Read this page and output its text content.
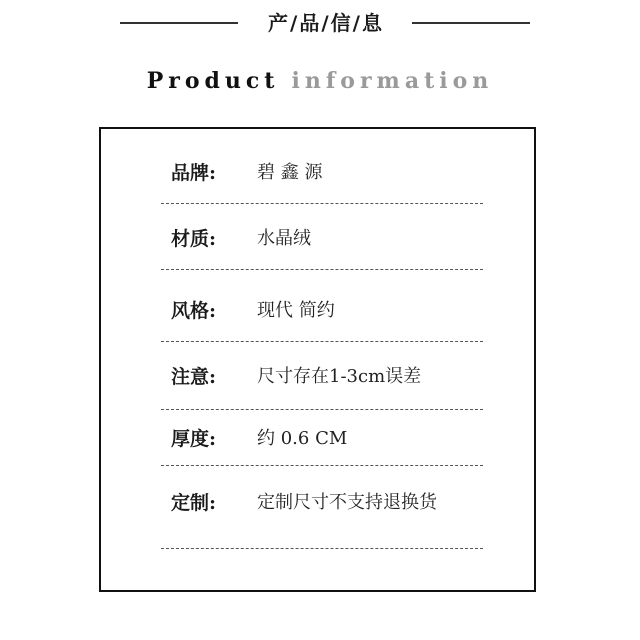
产/品/信/息
Product information
品牌: 碧 鑫 源
材质: 水晶绒
风格: 现代 简约
注意: 尺寸存在1-3cm误差
厚度: 约 0.6 CM
定制: 定制尺寸不支持退换货
